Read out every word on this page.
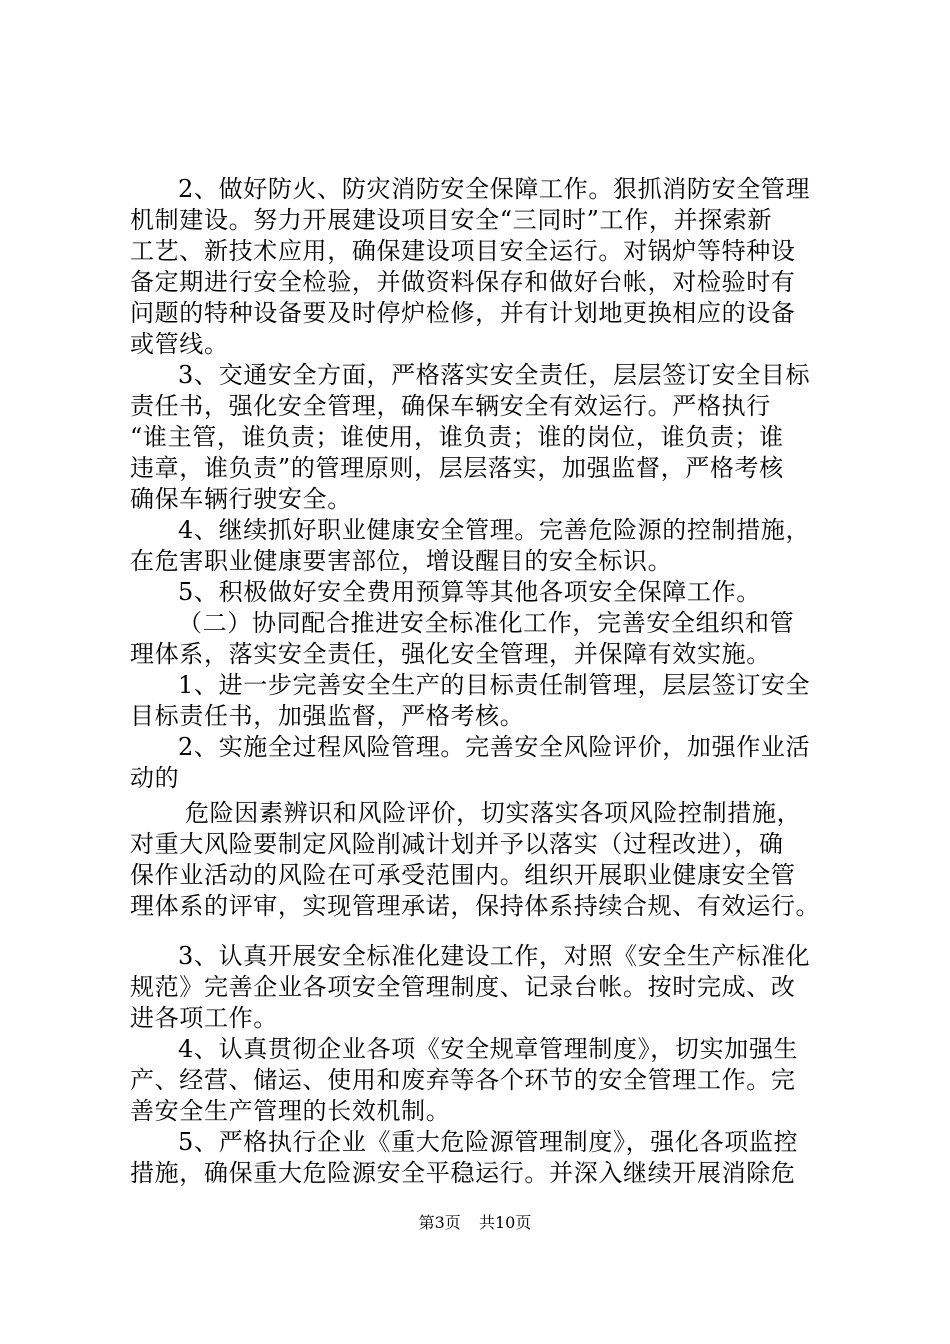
2、做好防火、防灾消防安全保障工作。狠抓消防安全管理
机制建设。努力开展建设项目安全“三同时”工作，并探索新
工艺、新技术应用，确保建设项目安全运行。对锅炉等特种设
备定期进行安全检验，并做资料保存和做好台帐，对检验时有
问题的特种设备要及时停炉检修，并有计划地更换相应的设备
或管线。
3、交通安全方面，严格落实安全责任，层层签订安全目标
责任书，强化安全管理，确保车辆安全有效运行。严格执行
“谁主管，谁负责；谁使用，谁负责；谁的岗位，谁负责；谁
违章，谁负责”的管理原则，层层落实，加强监督，严格考核
确保车辆行驶安全。
4、继续抓好职业健康安全管理。完善危险源的控制措施，
在危害职业健康要害部位，增设醒目的安全标识。
5、积极做好安全费用预算等其他各项安全保障工作。
（二）协同配合推进安全标准化工作，完善安全组织和管
理体系，落实安全责任，强化安全管理，并保障有效实施。
1、进一步完善安全生产的目标责任制管理，层层签订安全
目标责任书，加强监督，严格考核。
2、实施全过程风险管理。完善安全风险评价，加强作业活
动的
危险因素辨识和风险评价，切实落实各项风险控制措施，
对重大风险要制定风险削减计划并予以落实（过程改进），确
保作业活动的风险在可承受范围内。组织开展职业健康安全管
理体系的评审，实现管理承诺，保持体系持续合规、有效运行。
3、认真开展安全标准化建设工作，对照《安全生产标准化
规范》完善企业各项安全管理制度、记录台帐。按时完成、改
进各项工作。
4、认真贯彻企业各项《安全规章管理制度》，切实加强生
产、经营、储运、使用和废弃等各个环节的安全管理工作。完
善安全生产管理的长效机制。
5、严格执行企业《重大危险源管理制度》，强化各项监控
措施，确保重大危险源安全平稳运行。并深入继续开展消除危
第3页 共10页
